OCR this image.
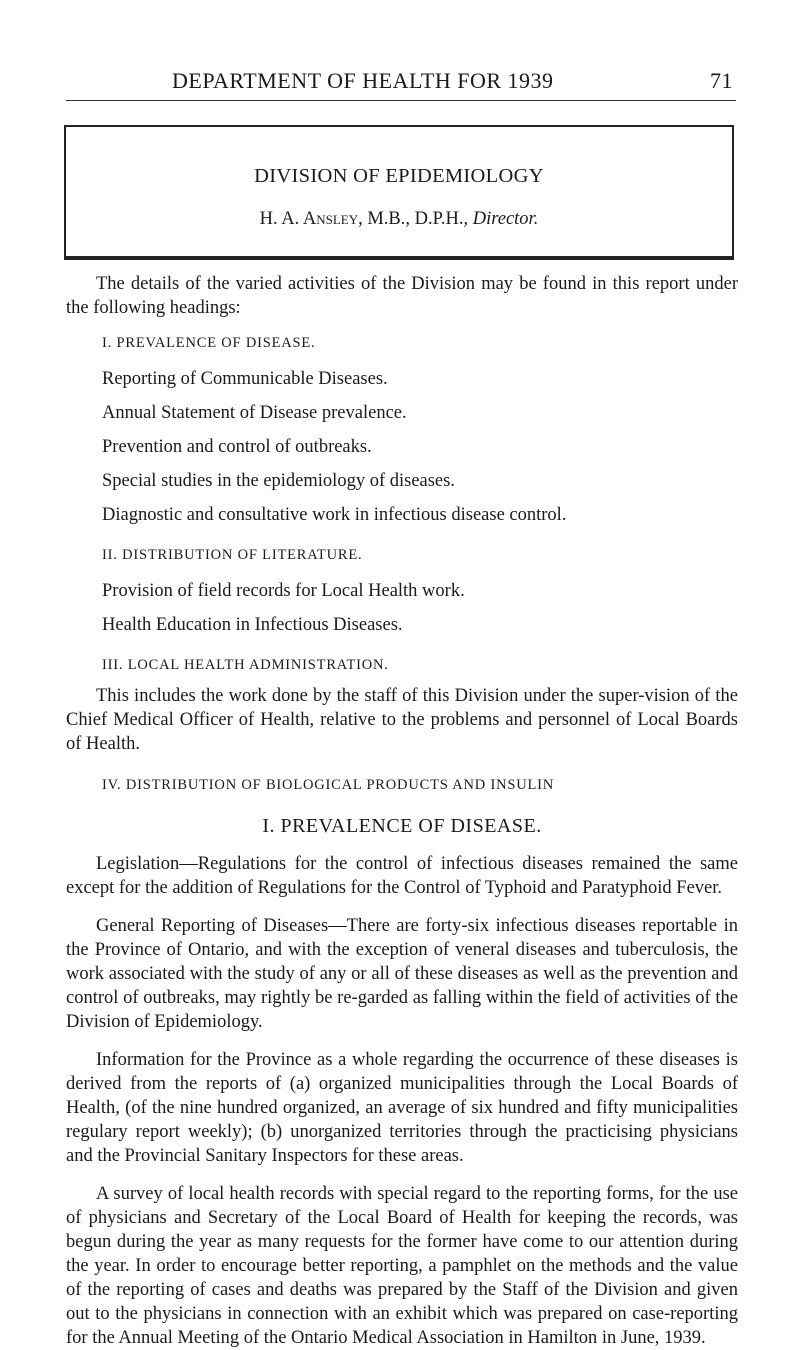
DEPARTMENT OF HEALTH FOR 1939	71
DIVISION OF EPIDEMIOLOGY
H. A. Ansley, M.B., D.P.H., Director.

The details of the varied activities of the Division may be found in this report under the following headings:

I. PREVALENCE OF DISEASE.
Reporting of Communicable Diseases.
Annual Statement of Disease prevalence.
Prevention and control of outbreaks.
Special studies in the epidemiology of diseases.
Diagnostic and consultative work in infectious disease control.
II. DISTRIBUTION OF LITERATURE.
Provision of field records for Local Health work.
Health Education in Infectious Diseases.
III. LOCAL HEALTH ADMINISTRATION.

This includes the work done by the staff of this Division under the super-vision of the Chief Medical Officer of Health, relative to the problems and personnel of Local Boards of Health.

IV. DISTRIBUTION OF BIOLOGICAL PRODUCTS AND INSULIN
I. PREVALENCE OF DISEASE.

Legislation—Regulations for the control of infectious diseases remained the same except for the addition of Regulations for the Control of Typhoid and Paratyphoid Fever.

General Reporting of Diseases—There are forty-six infectious diseases reportable in the Province of Ontario, and with the exception of veneral diseases and tuberculosis, the work associated with the study of any or all of these diseases as well as the prevention and control of outbreaks, may rightly be re-garded as falling within the field of activities of the Division of Epidemiology.

Information for the Province as a whole regarding the occurrence of these diseases is derived from the reports of (a) organized municipalities through the Local Boards of Health, (of the nine hundred organized, an average of six hundred and fifty municipalities regulary report weekly); (b) unorganized territories through the practicising physicians and the Provincial Sanitary Inspectors for these areas.

A survey of local health records with special regard to the reporting forms, for the use of physicians and Secretary of the Local Board of Health for keeping the records, was begun during the year as many requests for the former have come to our attention during the year. In order to encourage better reporting, a pamphlet on the methods and the value of the reporting of cases and deaths was prepared by the Staff of the Division and given out to the physicians in connection with an exhibit which was prepared on case-reporting for the Annual Meeting of the Ontario Medical Association in Hamilton in June, 1939.
